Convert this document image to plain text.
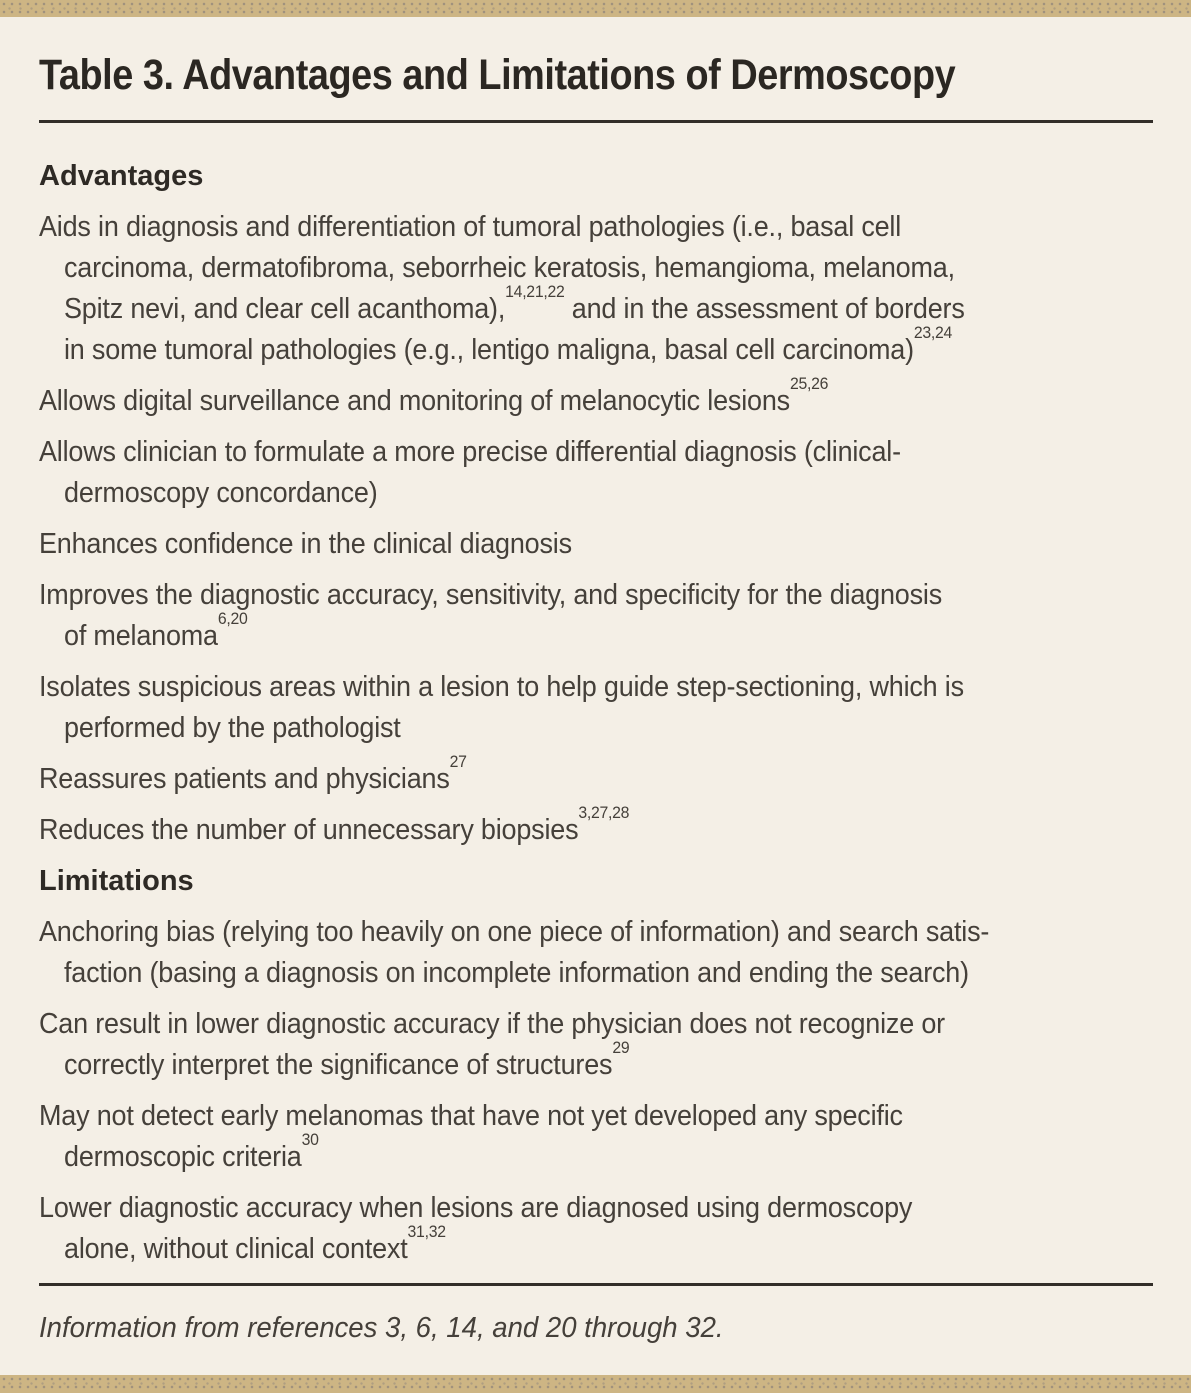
Table 3. Advantages and Limitations of Dermoscopy
Advantages
Aids in diagnosis and differentiation of tumoral pathologies (i.e., basal cell
carcinoma, dermatofibroma, seborrheic keratosis, hemangioma, melanoma,
Spitz nevi, and clear cell acanthoma),$^{14,21,22}$ and in the assessment of borders
in some tumoral pathologies (e.g., lentigo maligna, basal cell carcinoma)$^{23,24}$
Allows digital surveillance and monitoring of melanocytic lesions$^{25,26}$
Allows clinician to formulate a more precise differential diagnosis (clinical-
dermoscopy concordance)
Enhances confidence in the clinical diagnosis
Improves the diagnostic accuracy, sensitivity, and specificity for the diagnosis
of melanoma$^{6,20}$
Isolates suspicious areas within a lesion to help guide step-sectioning, which is
performed by the pathologist
Reassures patients and physicians$^{27}$
Reduces the number of unnecessary biopsies$^{3,27,28}$
Limitations
Anchoring bias (relying too heavily on one piece of information) and search satis-
faction (basing a diagnosis on incomplete information and ending the search)
Can result in lower diagnostic accuracy if the physician does not recognize or
correctly interpret the significance of structures$^{29}$
May not detect early melanomas that have not yet developed any specific
dermoscopic criteria$^{30}$
Lower diagnostic accuracy when lesions are diagnosed using dermoscopy
alone, without clinical context$^{31,32}$
Information from references 3, 6, 14, and 20 through 32.
